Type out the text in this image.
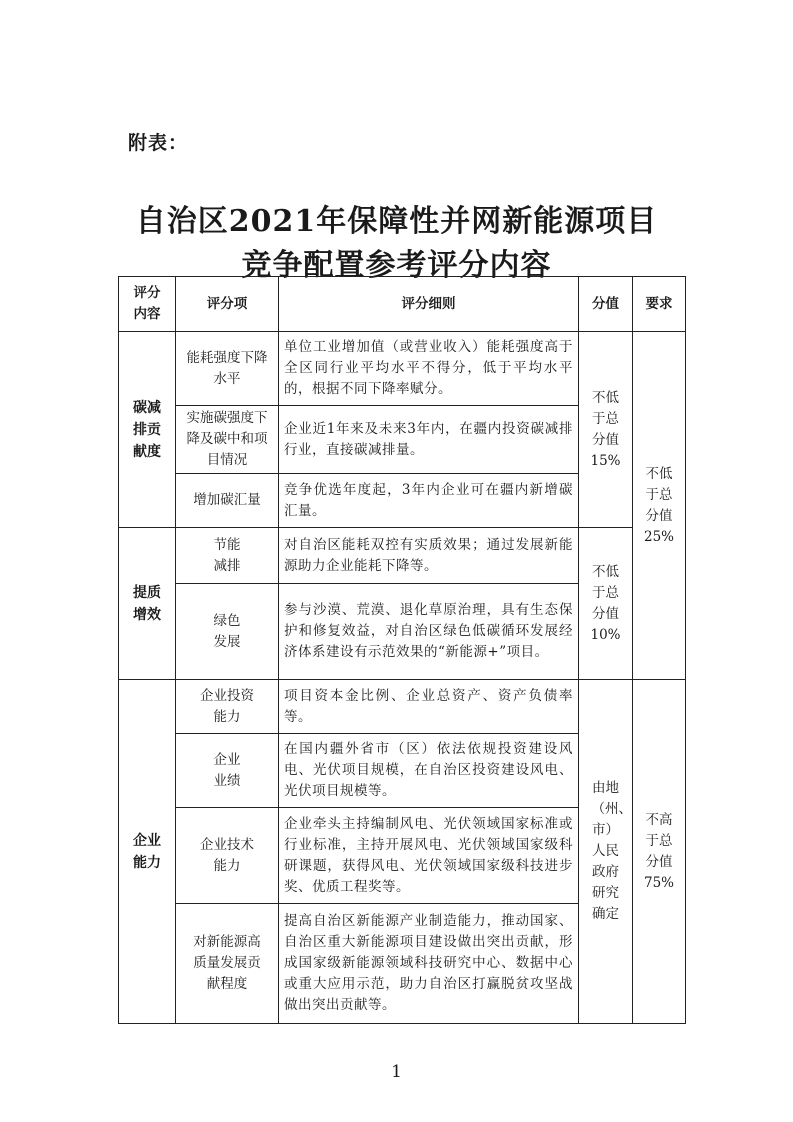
附表：
自治区2021年保障性并网新能源项目
竞争配置参考评分内容
评分内容	评分项	评分细则	分值	要求
碳减排贡献度	能耗强度下降水平	单位工业增加值（或营业收入）能耗强度高于全区同行业平均水平不得分，低于平均水平的，根据不同下降率赋分。	不低于总分值15%	不低于总分值25%
	实施碳强度下降及碳中和项目情况	企业近1年来及未来3年内，在疆内投资碳减排行业，直接碳减排量。		
	增加碳汇量	竞争优选年度起，3年内企业可在疆内新增碳汇量。		
提质增效	节能减排	对自治区能耗双控有实质效果；通过发展新能源助力企业能耗下降等。	不低于总分值10%	
	绿色发展	参与沙漠、荒漠、退化草原治理，具有生态保护和修复效益，对自治区绿色低碳循环发展经济体系建设有示范效果的“新能源+”项目。		
企业能力	企业投资能力	项目资本金比例、企业总资产、资产负债率等。	由地（州、市）人民政府研究确定	不高于总分值75%
	企业业绩	在国内疆外省市（区）依法依规投资建设风电、光伏项目规模，在自治区投资建设风电、光伏项目规模等。		
	企业技术能力	企业牵头主持编制风电、光伏领域国家标准或行业标准，主持开展风电、光伏领域国家级科研课题，获得风电、光伏领域国家级科技进步奖、优质工程奖等。		
	对新能源高质量发展贡献程度	提高自治区新能源产业制造能力，推动国家、自治区重大新能源项目建设做出突出贡献，形成国家级新能源领域科技研究中心、数据中心或重大应用示范，助力自治区打赢脱贫攻坚战做出突出贡献等。		
1
